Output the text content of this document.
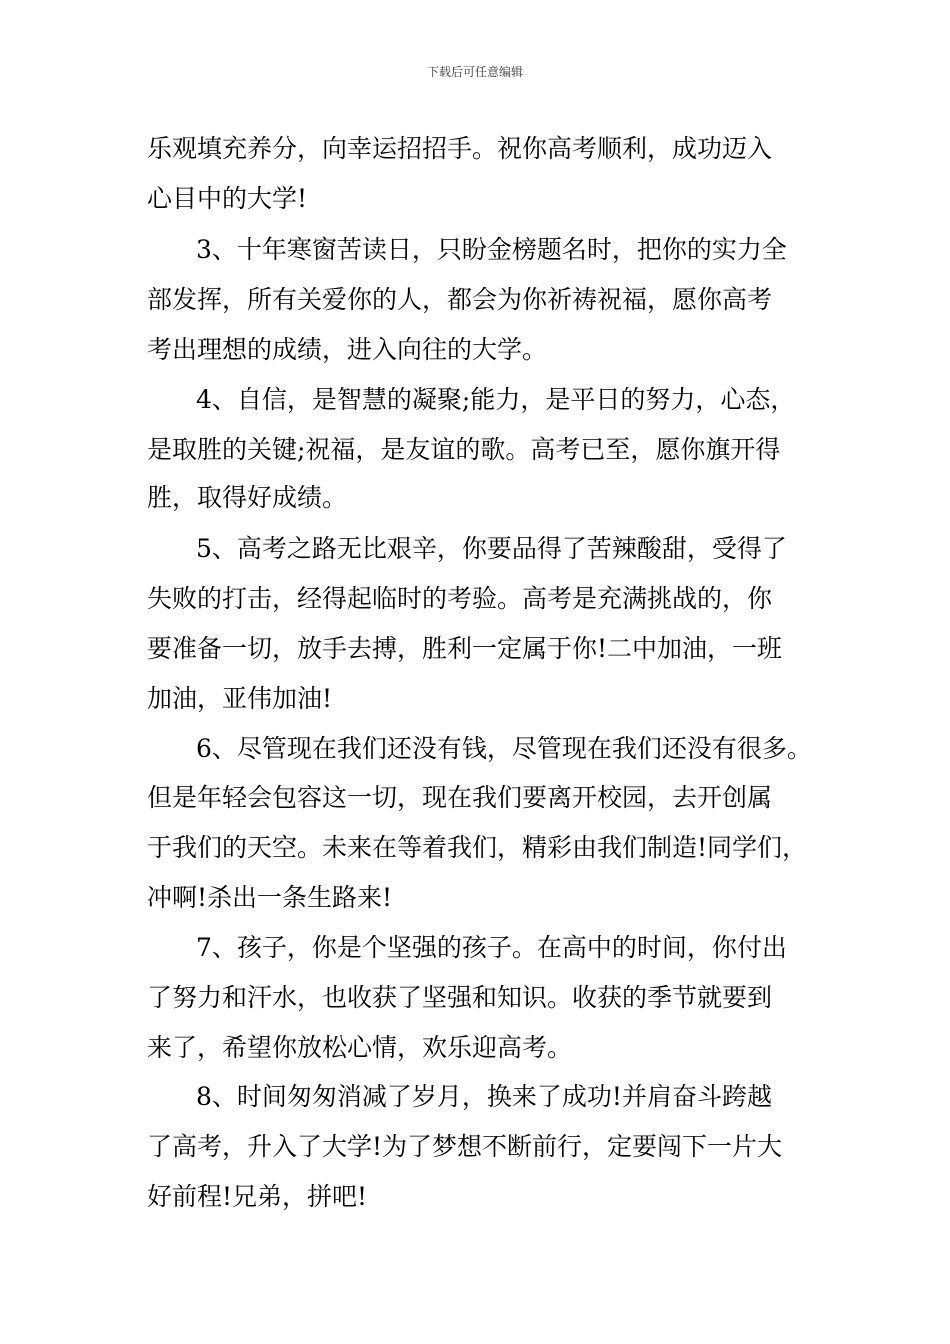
下载后可任意编辑
乐观填充养分，向幸运招招手。祝你高考顺利，成功迈入
心目中的大学!
3、十年寒窗苦读日，只盼金榜题名时，把你的实力全
部发挥，所有关爱你的人，都会为你祈祷祝福，愿你高考
考出理想的成绩，进入向往的大学。
4、自信，是智慧的凝聚;能力，是平日的努力，心态，
是取胜的关键;祝福，是友谊的歌。高考已至，愿你旗开得
胜，取得好成绩。
5、高考之路无比艰辛，你要品得了苦辣酸甜，受得了
失败的打击，经得起临时的考验。高考是充满挑战的，你
要准备一切，放手去搏，胜利一定属于你!二中加油，一班
加油，亚伟加油!
6、尽管现在我们还没有钱，尽管现在我们还没有很多。
但是年轻会包容这一切，现在我们要离开校园，去开创属
于我们的天空。未来在等着我们，精彩由我们制造!同学们，
冲啊!杀出一条生路来!
7、孩子，你是个坚强的孩子。在高中的时间，你付出
了努力和汗水，也收获了坚强和知识。收获的季节就要到
来了，希望你放松心情，欢乐迎高考。
8、时间匆匆消减了岁月，换来了成功!并肩奋斗跨越
了高考，升入了大学!为了梦想不断前行，定要闯下一片大
好前程!兄弟，拼吧!
